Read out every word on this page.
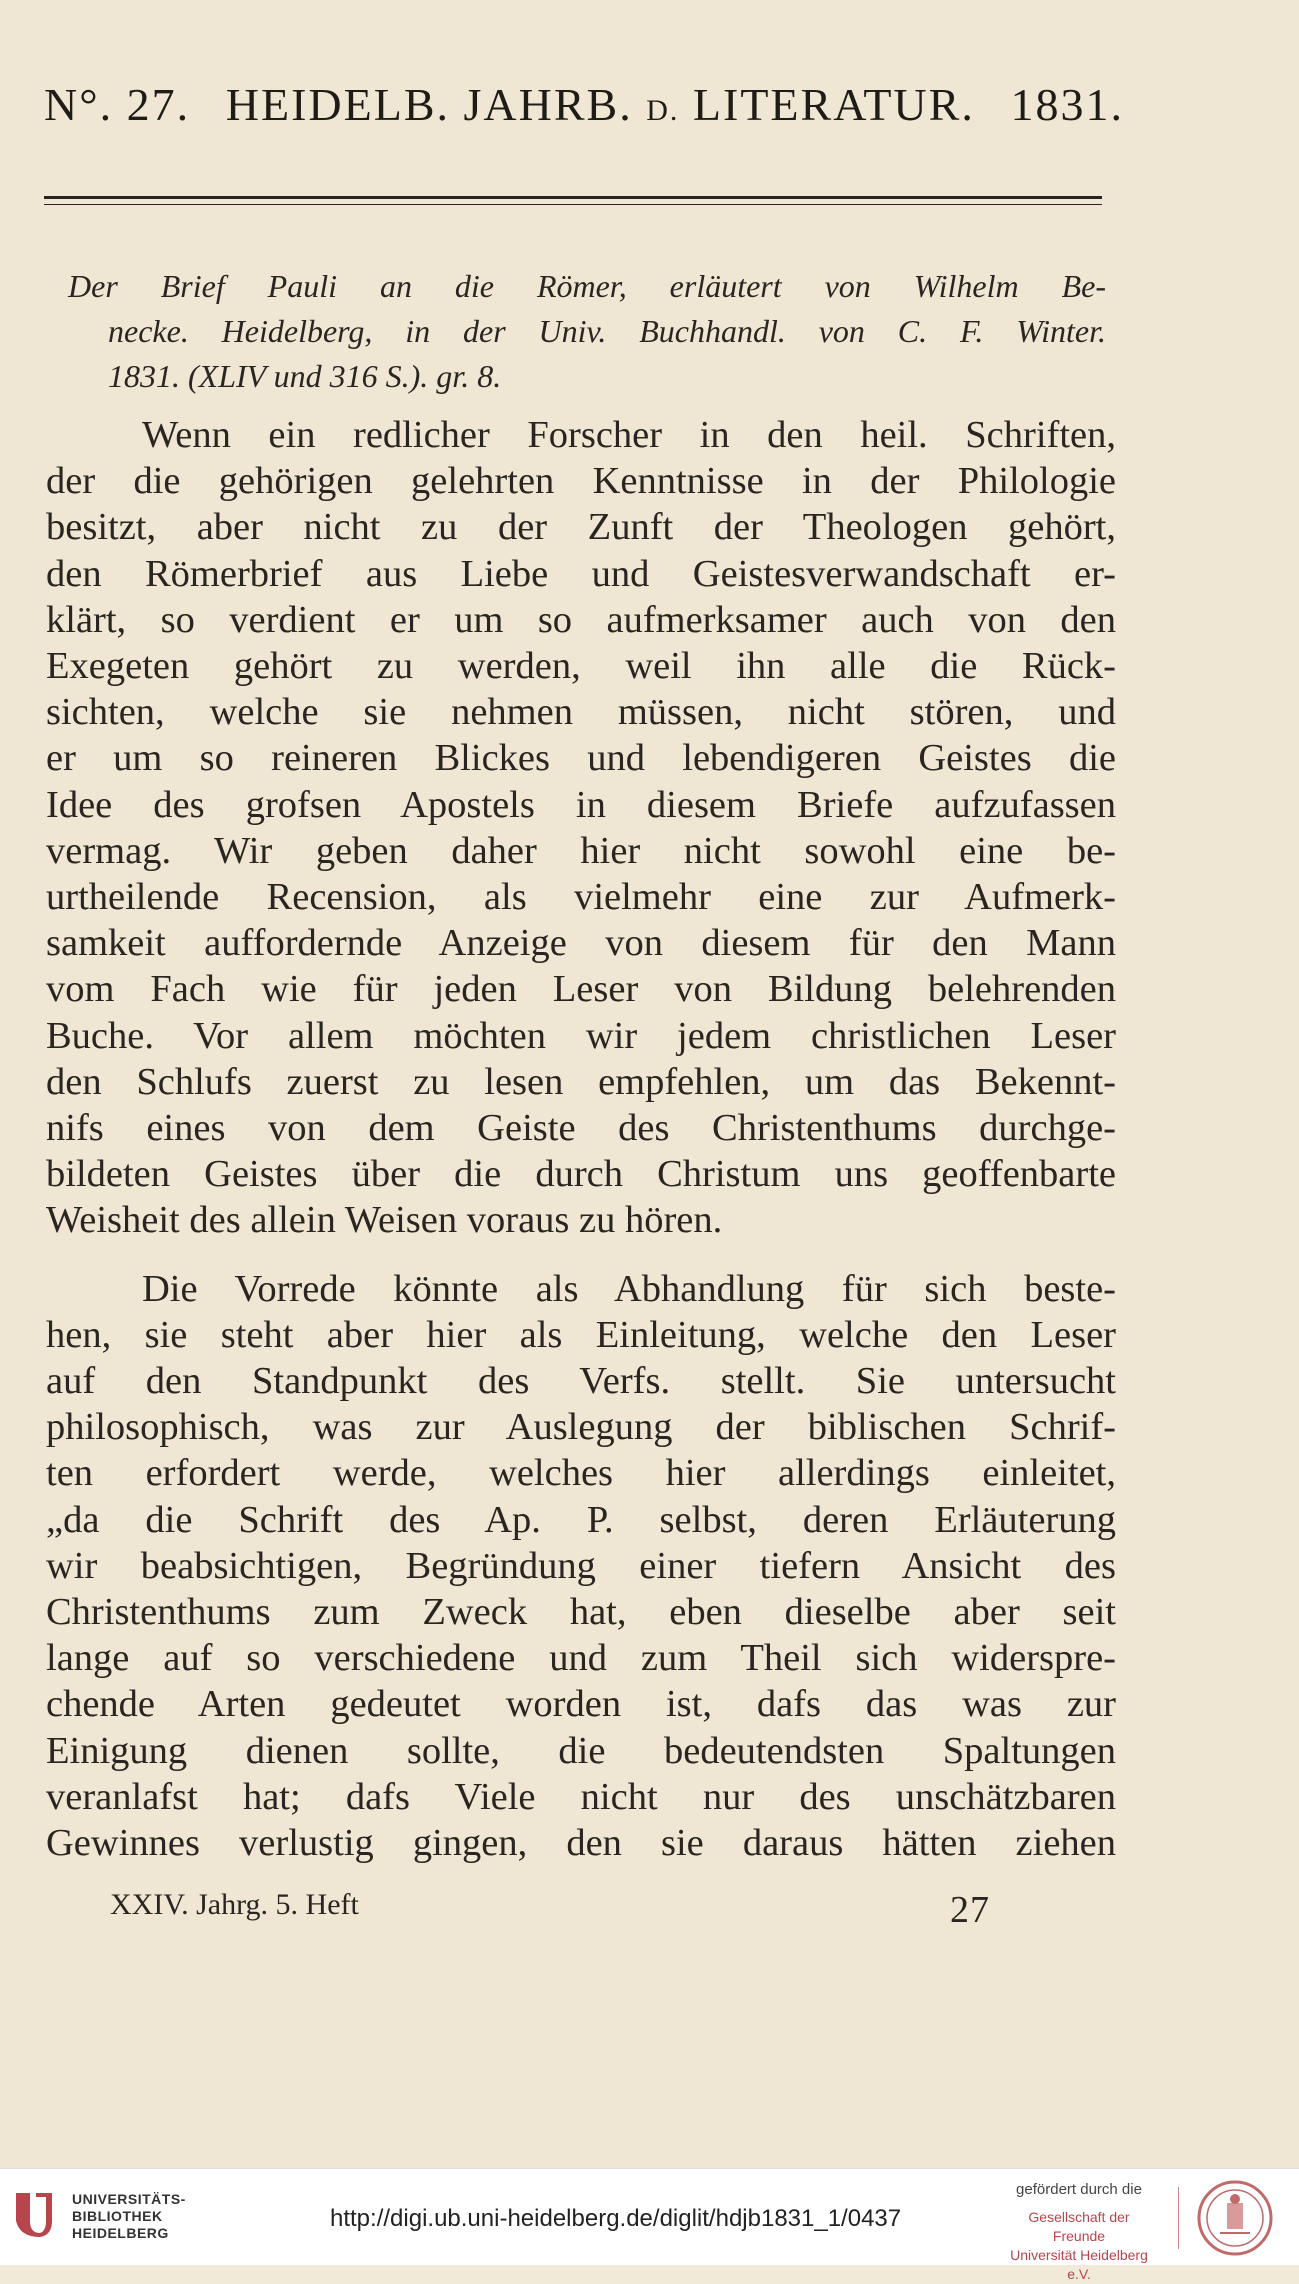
N°. 27. HEIDELB. JAHRB. D. LITERATUR. 1831.
Der Brief Pauli an die Römer, erläutert von Wilhelm Be-
necke. Heidelberg, in der Univ. Buchhandl. von C. F. Winter.
1831. (XLIV und 316 S.). gr. 8.
Wenn ein redlicher Forscher in den heil. Schriften,
der die gehörigen gelehrten Kenntnisse in der Philologie
besitzt, aber nicht zu der Zunft der Theologen gehört,
den Römerbrief aus Liebe und Geistesverwandschaft er-
klärt, so verdient er um so aufmerksamer auch von den
Exegeten gehört zu werden, weil ihn alle die Rück-
sichten, welche sie nehmen müssen, nicht stören, und
er um so reineren Blickes und lebendigeren Geistes die
Idee des grofsen Apostels in diesem Briefe aufzufassen
vermag. Wir geben daher hier nicht sowohl eine be-
urtheilende Recension, als vielmehr eine zur Aufmerk-
samkeit auffordernde Anzeige von diesem für den Mann
vom Fach wie für jeden Leser von Bildung belehrenden
Buche. Vor allem möchten wir jedem christlichen Leser
den Schlufs zuerst zu lesen empfehlen, um das Bekennt-
nifs eines von dem Geiste des Christenthums durchge-
bildeten Geistes über die durch Christum uns geoffenbarte
Weisheit des allein Weisen voraus zu hören.
Die Vorrede könnte als Abhandlung für sich beste-
hen, sie steht aber hier als Einleitung, welche den Leser
auf den Standpunkt des Verfs. stellt. Sie untersucht
philosophisch, was zur Auslegung der biblischen Schrif-
ten erfordert werde, welches hier allerdings einleitet,
„da die Schrift des Ap. P. selbst, deren Erläuterung
wir beabsichtigen, Begründung einer tiefern Ansicht des
Christenthums zum Zweck hat, eben dieselbe aber seit
lange auf so verschiedene und zum Theil sich widerspre-
chende Arten gedeutet worden ist, dafs das was zur
Einigung dienen sollte, die bedeutendsten Spaltungen
veranlafst hat; dafs Viele nicht nur des unschätzbaren
Gewinnes verlustig gingen, den sie daraus hätten ziehen
XXIV. Jahrg. 5. Heft	27
UNIVERSITÄTS-
BIBLIOTHEK
HEIDELBERG
http://digi.ub.uni-heidelberg.de/diglit/hdjb1831_1/0437
gefördert durch die
Gesellschaft der Freunde
Universität Heidelberg e.V.
